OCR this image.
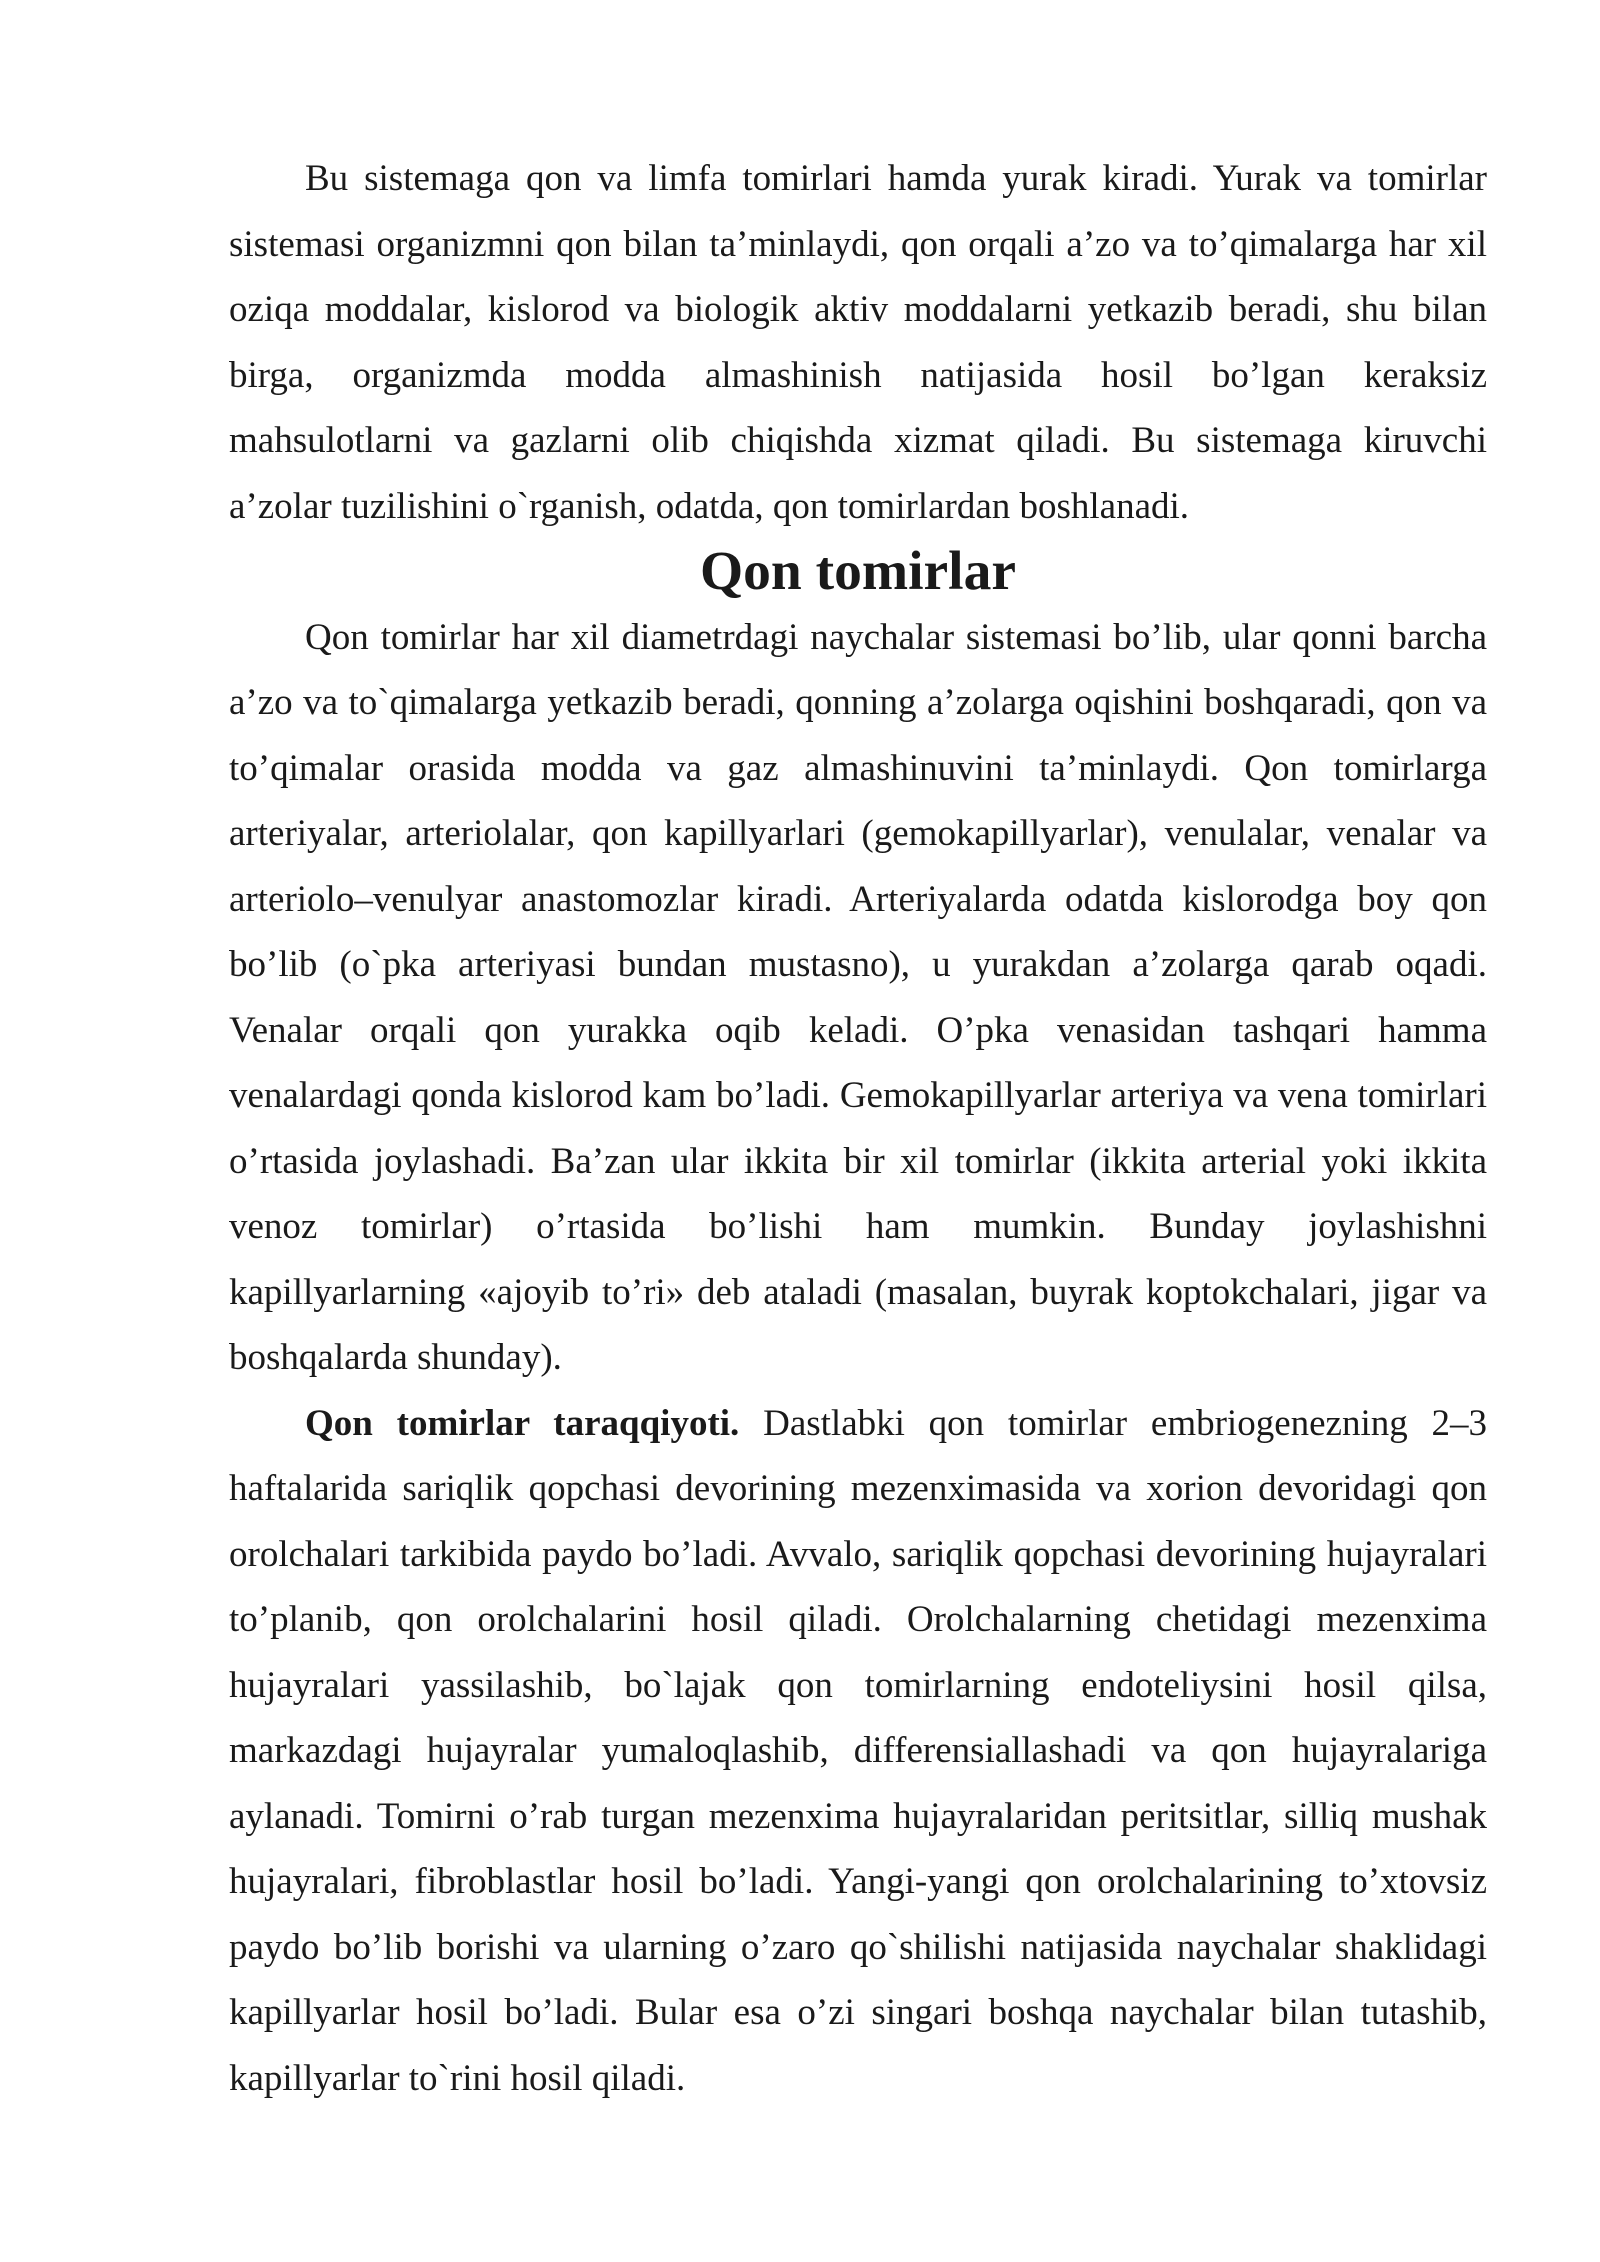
Bu sistemaga qon va limfa tomirlari hamda yurak kiradi. Yurak va tomirlar sistemasi organizmni qon bilan ta’minlaydi, qon orqali a’zo va to’qimalarga har xil oziqa moddalar, kislorod va biologik aktiv moddalarni yetkazib beradi, shu bilan birga, organizmda modda almashinish natijasida hosil bo’lgan keraksiz mahsulotlarni va gazlarni olib chiqishda xizmat qiladi. Bu sistemaga kiruvchi a’zolar tuzilishini o`rganish, odatda, qon tomirlardan boshlanadi.

Qon tomirlar

Qon tomirlar har xil diametrdagi naychalar sistemasi bo’lib, ular qonni barcha a’zo va to`qimalarga yetkazib beradi, qonning a’zolarga oqishini boshqaradi, qon va to’qimalar orasida modda va gaz almashinuvini ta’minlaydi. Qon tomirlarga arteriyalar, arteriolalar, qon kapillyarlari (gemokapillyarlar), venulalar, venalar va arteriolo–venulyar anastomozlar kiradi. Arteriyalarda odatda kislorodga boy qon bo’lib (o`pka arteriyasi bundan mustasno), u yurakdan a’zolarga qarab oqadi. Venalar orqali qon yurakka oqib keladi. O’pka venasidan tashqari hamma venalardagi qonda kislorod kam bo’ladi. Gemokapillyarlar arteriya va vena tomirlari o’rtasida joylashadi. Ba’zan ular ikkita bir xil tomirlar (ikkita arterial yoki ikkita venoz tomirlar) o’rtasida bo’lishi ham mumkin. Bunday joylashishni kapillyarlarning «ajoyib to’ri» deb ataladi (masalan, buyrak koptokchalari, jigar va boshqalarda shunday).

Qon tomirlar taraqqiyoti. Dastlabki qon tomirlar embriogenezning 2–3 haftalarida sariqlik qopchasi devorining mezenximasida va xorion devoridagi qon orolchalari tarkibida paydo bo’ladi. Avvalo, sariqlik qopchasi devorining hujayralari to’planib, qon orolchalarini hosil qiladi. Orolchalarning chetidagi mezenxima hujayralari yassilashib, bo`lajak qon tomirlarning endoteliysini hosil qilsa, markazdagi hujayralar yumaloqlashib, differensiallashadi va qon hujayralariga aylanadi. Tomirni o’rab turgan mezenxima hujayralaridan peritsitlar, silliq mushak hujayralari, fibroblastlar hosil bo’ladi. Yangi-yangi qon orolchalarining to’xtovsiz paydo bo’lib borishi va ularning o’zaro qo`shilishi natijasida naychalar shaklidagi kapillyarlar hosil bo’ladi. Bular esa o’zi singari boshqa naychalar bilan tutashib, kapillyarlar to`rini hosil qiladi.
